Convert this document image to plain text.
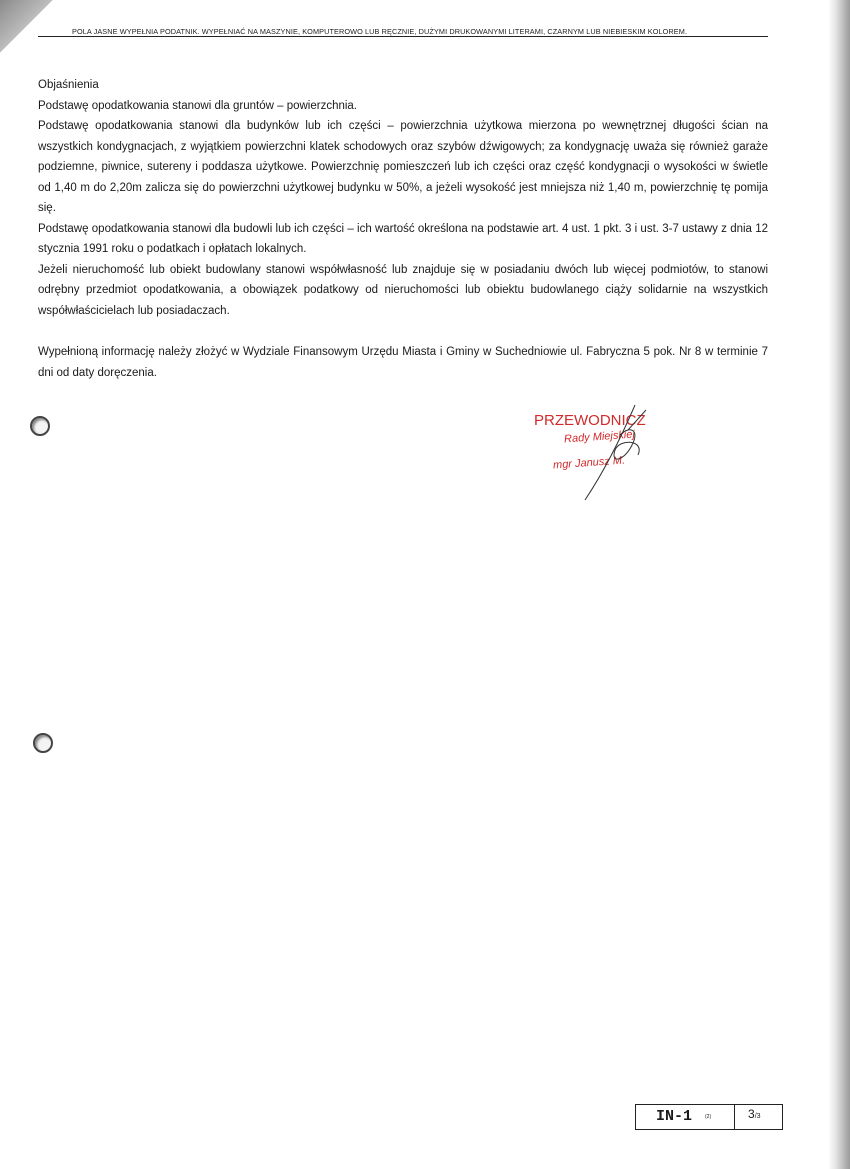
POLA JASNE WYPEŁNIA PODATNIK. WYPEŁNIAĆ NA MASZYNIE, KOMPUTEROWO LUB RĘCZNIE, DUŻYMI DRUKOWANYMI LITERAMI, CZARNYM LUB NIEBIESKIM KOLOREM.

Objaśnienia

Podstawę opodatkowania stanowi dla gruntów – powierzchnia.

Podstawę opodatkowania stanowi dla budynków lub ich części – powierzchnia użytkowa mierzona po wewnętrznej długości ścian na wszystkich kondygnacjach, z wyjątkiem powierzchni klatek schodowych oraz szybów dźwigowych; za kondygnację uważa się również garaże podziemne, piwnice, sutereny i poddasza użytkowe. Powierzchnię pomieszczeń lub ich części oraz część kondygnacji o wysokości w świetle od 1,40 m do 2,20m zalicza się do powierzchni użytkowej budynku w 50%, a jeżeli wysokość jest mniejsza niż 1,40 m, powierzchnię tę pomija się.

Podstawę opodatkowania stanowi dla budowli lub ich części – ich wartość określona na podstawie art. 4 ust. 1 pkt. 3 i ust. 3-7 ustawy z dnia 12 stycznia 1991 roku o podatkach i opłatach lokalnych.

Jeżeli nieruchomość lub obiekt budowlany stanowi współwłasność lub znajduje się w posiadaniu dwóch lub więcej podmiotów, to stanowi odrębny przedmiot opodatkowania, a obowiązek podatkowy od nieruchomości lub obiektu budowlanego ciąży solidarnie na wszystkich współwłaścicielach lub posiadaczach.

Wypełnioną informację należy złożyć w Wydziale Finansowym Urzędu Miasta i Gminy w Suchedniowie ul. Fabryczna 5 pok. Nr 8 w terminie 7 dni od daty doręczenia.

PRZEWODNICZ
Rady Miejskiej
mgr Janusz M.
IN-1	(2)	3/3
